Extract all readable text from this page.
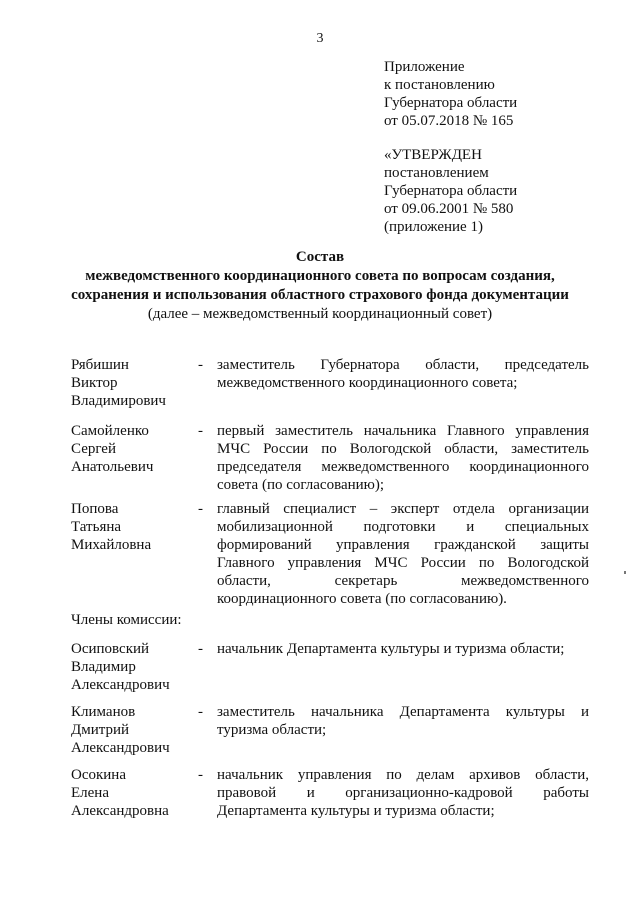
3
Приложение
к постановлению
Губернатора области
от 05.07.2018 № 165
«УТВЕРЖДЕН
постановлением
Губернатора области
от 09.06.2001 № 580
(приложение 1)
Состав
межведомственного координационного совета по вопросам создания,
сохранения и использования областного страхового фонда документации
(далее – межведомственный координационный совет)
Рябишин
Виктор
Владимирович
- заместитель Губернатора области, председатель
межведомственного координационного совета;
Самойленко
Сергей
Анатольевич
- первый заместитель начальника Главного управления
МЧС России по Вологодской области, заместитель
председателя межведомственного координационного
совета (по согласованию);
Попова
Татьяна
Михайловна
- главный специалист – эксперт отдела организации
мобилизационной подготовки и специальных
формирований управления гражданской защиты
Главного управления МЧС России по Вологодской
области, секретарь межведомственного
координационного совета (по согласованию).
Члены комиссии:
Осиповский
Владимир
Александрович
- начальник Департамента культуры и туризма области;
Климанов
Дмитрий
Александрович
- заместитель начальника Департамента культуры и
туризма области;
Осокина
Елена
Александровна
- начальник управления по делам архивов области,
правовой и организационно-кадровой работы
Департамента культуры и туризма области;
